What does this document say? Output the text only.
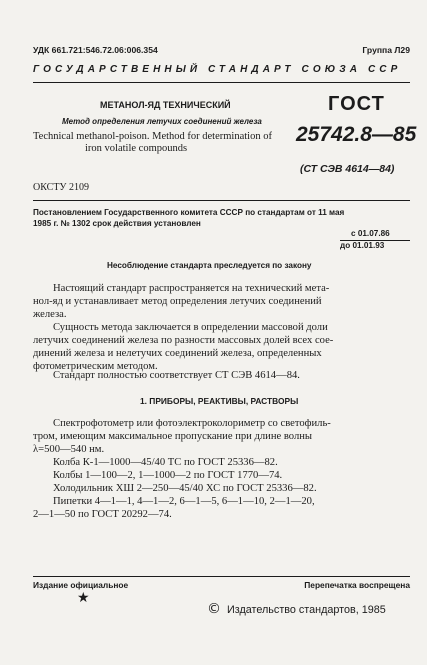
УДК 661.721:546.72.06:006.354	Группа Л29
ГОСУДАРСТВЕННЫЙ СТАНДАРТ СОЮЗА ССР
МЕТАНОЛ-ЯД ТЕХНИЧЕСКИЙ
Метод определения летучих соединений железа
Technical methanol-poison. Method for determination of
iron volatile compounds
ГОСТ
25742.8—85
(СТ СЭВ 4614—84)
ОКСТУ 2109
Постановлением Государственного комитета СССР по стандартам от 11 мая
1985 г. № 1302 срок действия установлен
с 01.07.86
до 01.01.93
Несоблюдение стандарта преследуется по закону
Настоящий стандарт распространяется на технический мета-
нол-яд и устанавливает метод определения летучих соединений
железа.
Сущность метода заключается в определении массовой доли
летучих соединений железа по разности массовых долей всех сое-
динений железа и нелетучих соединений железа, определенных
фотометрическим методом.
Стандарт полностью соответствует СТ СЭВ 4614—84.
1. ПРИБОРЫ, РЕАКТИВЫ, РАСТВОРЫ
Спектрофотометр или фотоэлектроколориметр со светофиль-
тром, имеющим максимальное пропускание при длине волны
λ=500—540 нм.
Колба К-1—1000—45/40 ТС по ГОСТ 25336—82.
Колбы 1—100—2, 1—1000—2 по ГОСТ 1770—74.
Холодильник ХШ 2—250—45/40 ХС по ГОСТ 25336—82.
Пипетки 4—1—1, 4—1—2, 6—1—5, 6—1—10, 2—1—20,
2—1—50 по ГОСТ 20292—74.
Издание официальное	Перепечатка воспрещена
★
© Издательство стандартов, 1985
